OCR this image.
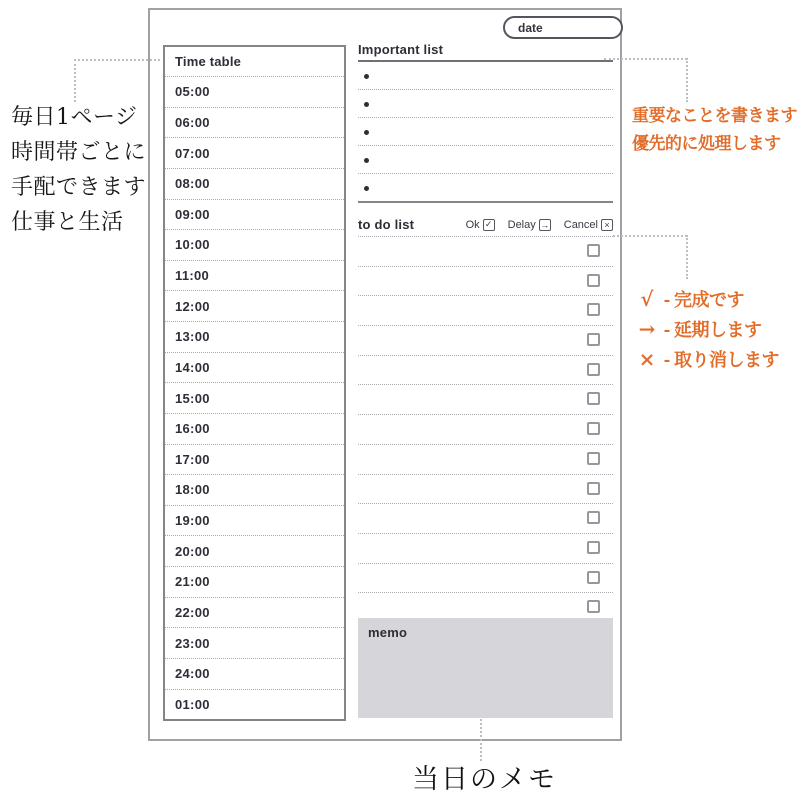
date
Time table
05:00
06:00
07:00
08:00
09:00
10:00
11:00
12:00
13:00
14:00
15:00
16:00
17:00
18:00
19:00
20:00
21:00
22:00
23:00
24:00
01:00
Important list
to do list	Ok ✓ Delay → Cancel ×
memo
毎日1ページ
時間帯ごとに
手配できます
仕事と生活
重要なことを書きます
優先的に処理します
√ - 完成です
→ - 延期します
× - 取り消します
当日のメモ
